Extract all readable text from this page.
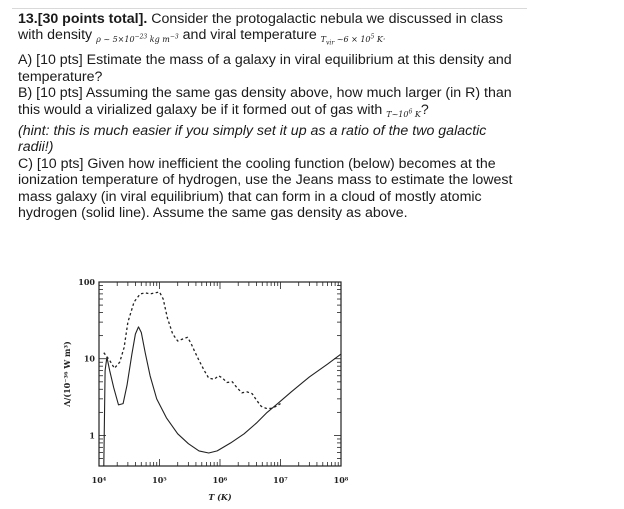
13.[30 points total]. Consider the protogalactic nebula we discussed in class with density $_{\rho \sim 5\times 10^{-23} kg m^{-3}}$ and viral temperature $_{T_{vir} \sim 6 \times 10^5 K\cdot}$

A) [10 pts] Estimate the mass of a galaxy in viral equilibrium at this density and temperature?

B) [10 pts] Assuming the same gas density above, how much larger (in R) than this would a virialized galaxy be if it formed out of gas with $_{T\sim 10^6 K}$?

(hint: this is much easier if you simply set it up as a ratio of the two galactic radii!)

C) [10 pts] Given how inefficient the cooling function (below) becomes at the ionization temperature of hydrogen, use the Jeans mass to estimate the lowest mass galaxy (in viral equilibrium) that can form in a cloud of mostly atomic hydrogen (solid line). Assume the same gas density as above.

10⁴	10⁵	10⁶	10⁷	10⁸
100
10
1
T (K)
Λ/(10⁻³⁶ W m³)
